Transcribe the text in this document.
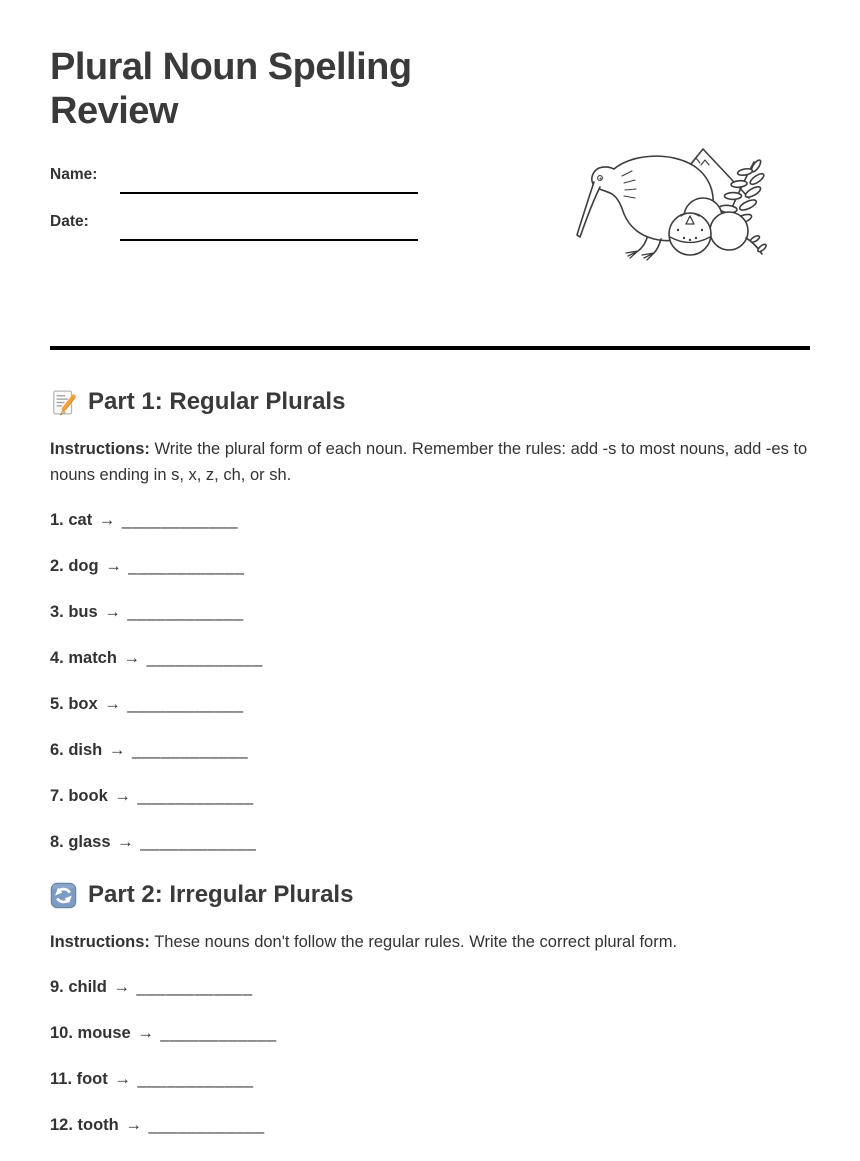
Plural Noun Spelling Review
Name:
Date:
Part 1: Regular Plurals

Instructions: Write the plural form of each noun. Remember the rules: add -s to most nouns, add -es to nouns ending in s, x, z, ch, or sh.

1. cat → ____________

2. dog → ____________

3. bus → ____________

4. match → ____________

5. box → ____________

6. dish → ____________

7. book → ____________

8. glass → ____________

Part 2: Irregular Plurals

Instructions: These nouns don't follow the regular rules. Write the correct plural form.

9. child → ____________

10. mouse → ____________

11. foot → ____________

12. tooth → ____________
